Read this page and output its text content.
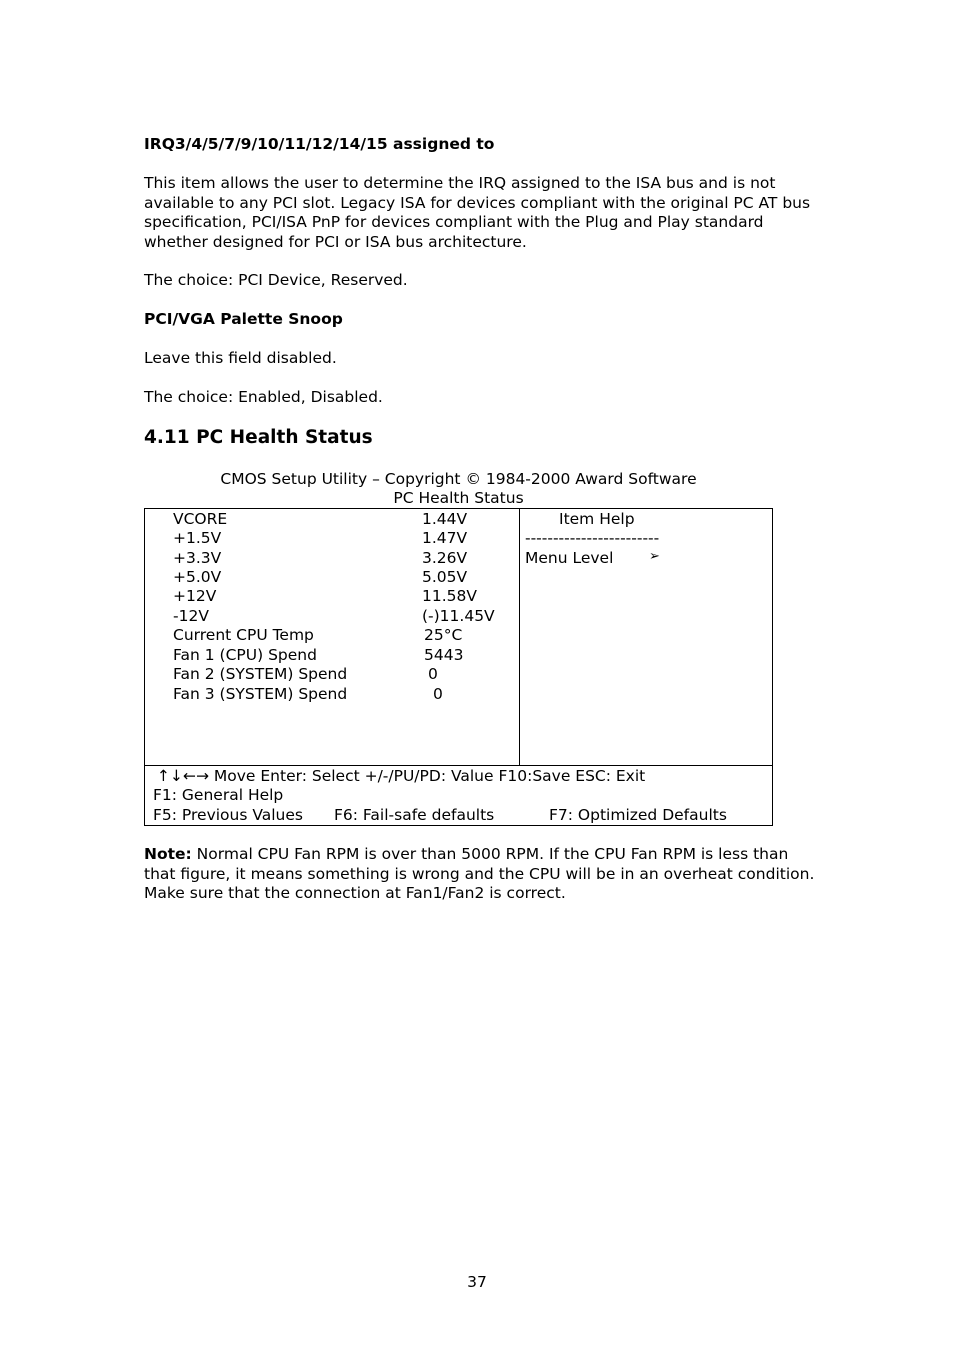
IRQ3/4/5/7/9/10/11/12/14/15 assigned to
This item allows the user to determine the IRQ assigned to the ISA bus and is not available to any PCI slot. Legacy ISA for devices compliant with the original PC AT bus specification, PCI/ISA PnP for devices compliant with the Plug and Play standard whether designed for PCI or ISA bus architecture.
The choice: PCI Device, Reserved.
PCI/VGA Palette Snoop
Leave this field disabled.
The choice: Enabled, Disabled.
4.11 PC Health Status
CMOS Setup Utility – Copyright © 1984-2000 Award Software
PC Health Status
VCORE	1.44V
+1.5V	1.47V
+3.3V	3.26V
+5.0V	5.05V
+12V	11.58V
-12V	(-)11.45V
Current CPU Temp	25°C
Fan 1 (CPU) Spend	5443
Fan 2 (SYSTEM) Spend	0
Fan 3 (SYSTEM) Spend	0
Item Help
------------------------
Menu Level	➢
↑↓←→ Move Enter: Select +/-/PU/PD: Value F10:Save ESC: Exit
F1: General Help
F5: Previous Values F6: Fail-safe defaults	F7: Optimized Defaults
Note: Normal CPU Fan RPM is over than 5000 RPM. If the CPU Fan RPM is less than that figure, it means something is wrong and the CPU will be in an overheat condition. Make sure that the connection at Fan1/Fan2 is correct.
37
